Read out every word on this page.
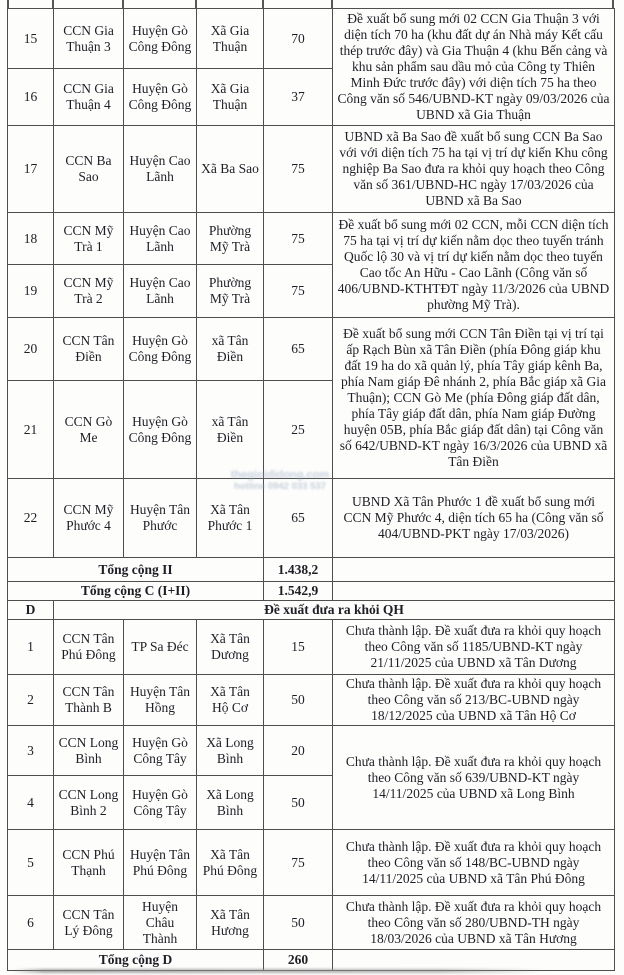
15	CCN Gia Thuận 3	Huyện Gò Công Đông	Xã Gia Thuận	70	Đề xuất bổ sung mới 02 CCN Gia Thuận 3 với diện tích 70 ha (khu đất dự án Nhà máy Kết cấu thép trước đây) và Gia Thuận 4 (khu Bến cảng và khu sản phẩm sau dầu mỏ của Công ty Thiên Minh Đức trước đây) với diện tích 75 ha theo Công văn số 546/UBND-KT ngày 09/03/2026 của UBND xã Gia Thuận
16	CCN Gia Thuận 4	Huyện Gò Công Đông	Xã Gia Thuận	37	
17	CCN Ba Sao	Huyện Cao Lãnh	Xã Ba Sao	75	UBND xã Ba Sao đề xuất bổ sung CCN Ba Sao với với diện tích 75 ha tại vị trí dự kiến Khu công nghiệp Ba Sao đưa ra khỏi quy hoạch theo Công văn số 361/UBND-HC ngày 17/03/2026 của UBND xã Ba Sao
18	CCN Mỹ Trà 1	Huyện Cao Lãnh	Phường Mỹ Trà	75	Đề xuất bổ sung mới 02 CCN, mỗi CCN diện tích 75 ha tại vị trí dự kiến nằm dọc theo tuyến tránh Quốc lộ 30 và vị trí dự kiến nằm dọc theo tuyến Cao tốc An Hữu - Cao Lãnh (Công văn số 406/UBND-KTHTĐT ngày 11/3/2026 của UBND phường Mỹ Trà).
19	CCN Mỹ Trà 2	Huyện Cao Lãnh	Phường Mỹ Trà	75	
20	CCN Tân Điền	Huyện Gò Công Đông	xã Tân Điền	65	Đề xuất bổ sung mới CCN Tân Điền tại vị trí tại ấp Rạch Bùn xã Tân Điền (phía Đông giáp khu đất 19 ha do xã quản lý, phía Tây giáp kênh Ba, phía Nam giáp Đê nhánh 2, phía Bắc giáp xã Gia Thuận); CCN Gò Me (phía Đông giáp đất dân, phía Tây giáp đất dân, phía Nam giáp Đường huyện 05B, phía Bắc giáp đất dân) tại Công văn số 642/UBND-KT ngày 16/3/2026 của UBND xã Tân Điền
21	CCN Gò Me	Huyện Gò Công Đông	xã Tân Điền	25	
22	CCN Mỹ Phước 4	Huyện Tân Phước	Xã Tân Phước 1	65	UBND Xã Tân Phước 1 đề xuất bổ sung mới CCN Mỹ Phước 4, diện tích 65 ha (Công văn số 404/UBND-PKT ngày 17/03/2026)
Tổng cộng II				1.438,2	
Tổng cộng C (I+II)				1.542,9	
D	Đề xuất đưa ra khỏi QH				
1	CCN Tân Phú Đông	TP Sa Đéc	Xã Tân Dương	15	Chưa thành lập. Đề xuất đưa ra khỏi quy hoạch theo Công văn số 1185/UBND-KT ngày 21/11/2025 của UBND xã Tân Dương
2	CCN Tân Thành B	Huyện Tân Hồng	Xã Tân Hộ Cơ	50	Chưa thành lập. Đề xuất đưa ra khỏi quy hoạch theo Công văn số 213/BC-UBND ngày 18/12/2025 của UBND xã Tân Hộ Cơ
3	CCN Long Bình	Huyện Gò Công Tây	Xã Long Bình	20	Chưa thành lập. Đề xuất đưa ra khỏi quy hoạch theo Công văn số 639/UBND-KT ngày 14/11/2025 của UBND xã Long Bình
4	CCN Long Bình 2	Huyện Gò Công Tây	Xã Long Bình	50	
5	CCN Phú Thạnh	Huyện Tân Phú Đông	Xã Tân Phú Đông	75	Chưa thành lập. Đề xuất đưa ra khỏi quy hoạch theo Công văn số 148/BC-UBND ngày 14/11/2025 của UBND xã Tân Phú Đông
6	CCN Tân Lý Đông	Huyện Châu Thành	Xã Tân Hương	50	Chưa thành lập. Đề xuất đưa ra khỏi quy hoạch theo Công văn số 280/UBND-TH ngày 18/03/2026 của UBND xã Tân Hương
Tổng cộng D				260	
thegioididong.com
hotline 0942 033 537
